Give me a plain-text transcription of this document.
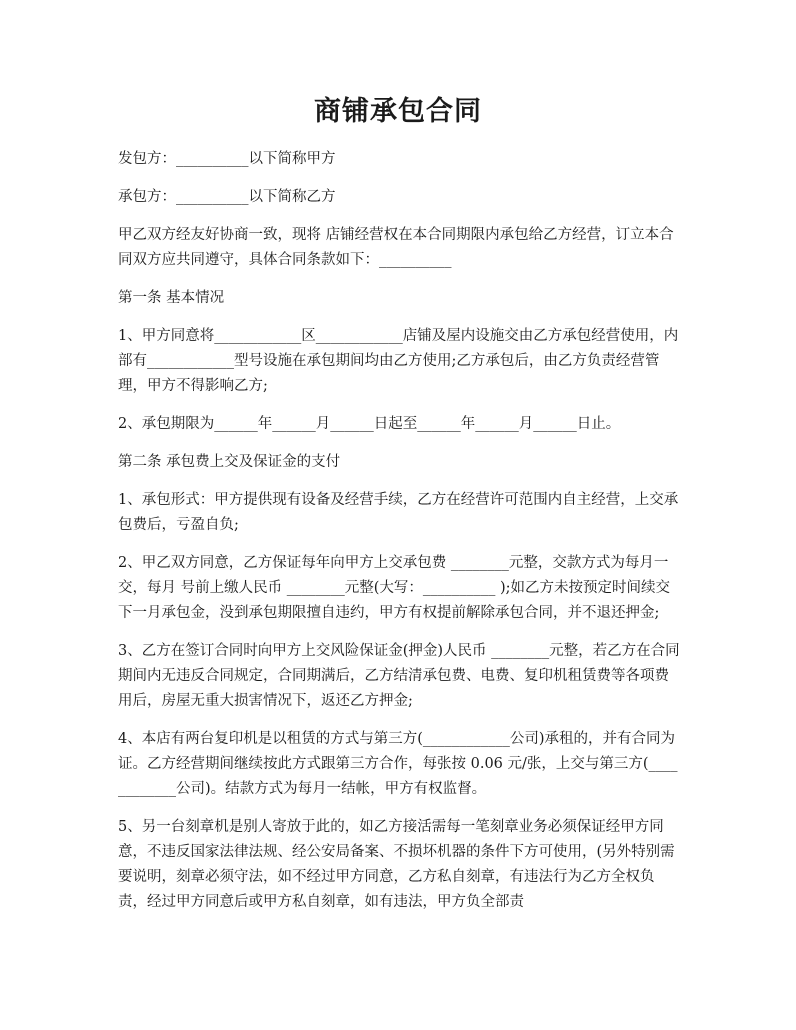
商铺承包合同

发包方：__________以下简称甲方

承包方：__________以下简称乙方

甲乙双方经友好协商一致，现将 店铺经营权在本合同期限内承包给乙方经营，订立本合同双方应共同遵守，具体合同条款如下：__________

第一条 基本情况

1、甲方同意将____________区____________店铺及屋内设施交由乙方承包经营使用，内部有____________型号设施在承包期间均由乙方使用;乙方承包后，由乙方负责经营管理，甲方不得影响乙方;

2、承包期限为______年______月______日起至______年______月______日止。

第二条 承包费上交及保证金的支付

1、承包形式：甲方提供现有设备及经营手续，乙方在经营许可范围内自主经营，上交承包费后，亏盈自负;

2、甲乙双方同意，乙方保证每年向甲方上交承包费 ________元整，交款方式为每月一交，每月 号前上缴人民币 ________元整(大写：__________ );如乙方未按预定时间续交下一月承包金，没到承包期限擅自违约，甲方有权提前解除承包合同，并不退还押金;

3、乙方在签订合同时向甲方上交风险保证金(押金)人民币 ________元整，若乙方在合同期间内无违反合同规定，合同期满后，乙方结清承包费、电费、复印机租赁费等各项费用后，房屋无重大损害情况下，返还乙方押金;

4、本店有两台复印机是以租赁的方式与第三方(____________公司)承租的，并有合同为证。乙方经营期间继续按此方式跟第三方合作，每张按 0.06 元/张，上交与第三方(____________公司)。结款方式为每月一结帐，甲方有权监督。

5、另一台刻章机是别人寄放于此的，如乙方接活需每一笔刻章业务必须保证经甲方同意，不违反国家法律法规、经公安局备案、不损坏机器的条件下方可使用，(另外特别需要说明，刻章必须守法，如不经过甲方同意，乙方私自刻章，有违法行为乙方全权负责，经过甲方同意后或甲方私自刻章，如有违法，甲方负全部责
